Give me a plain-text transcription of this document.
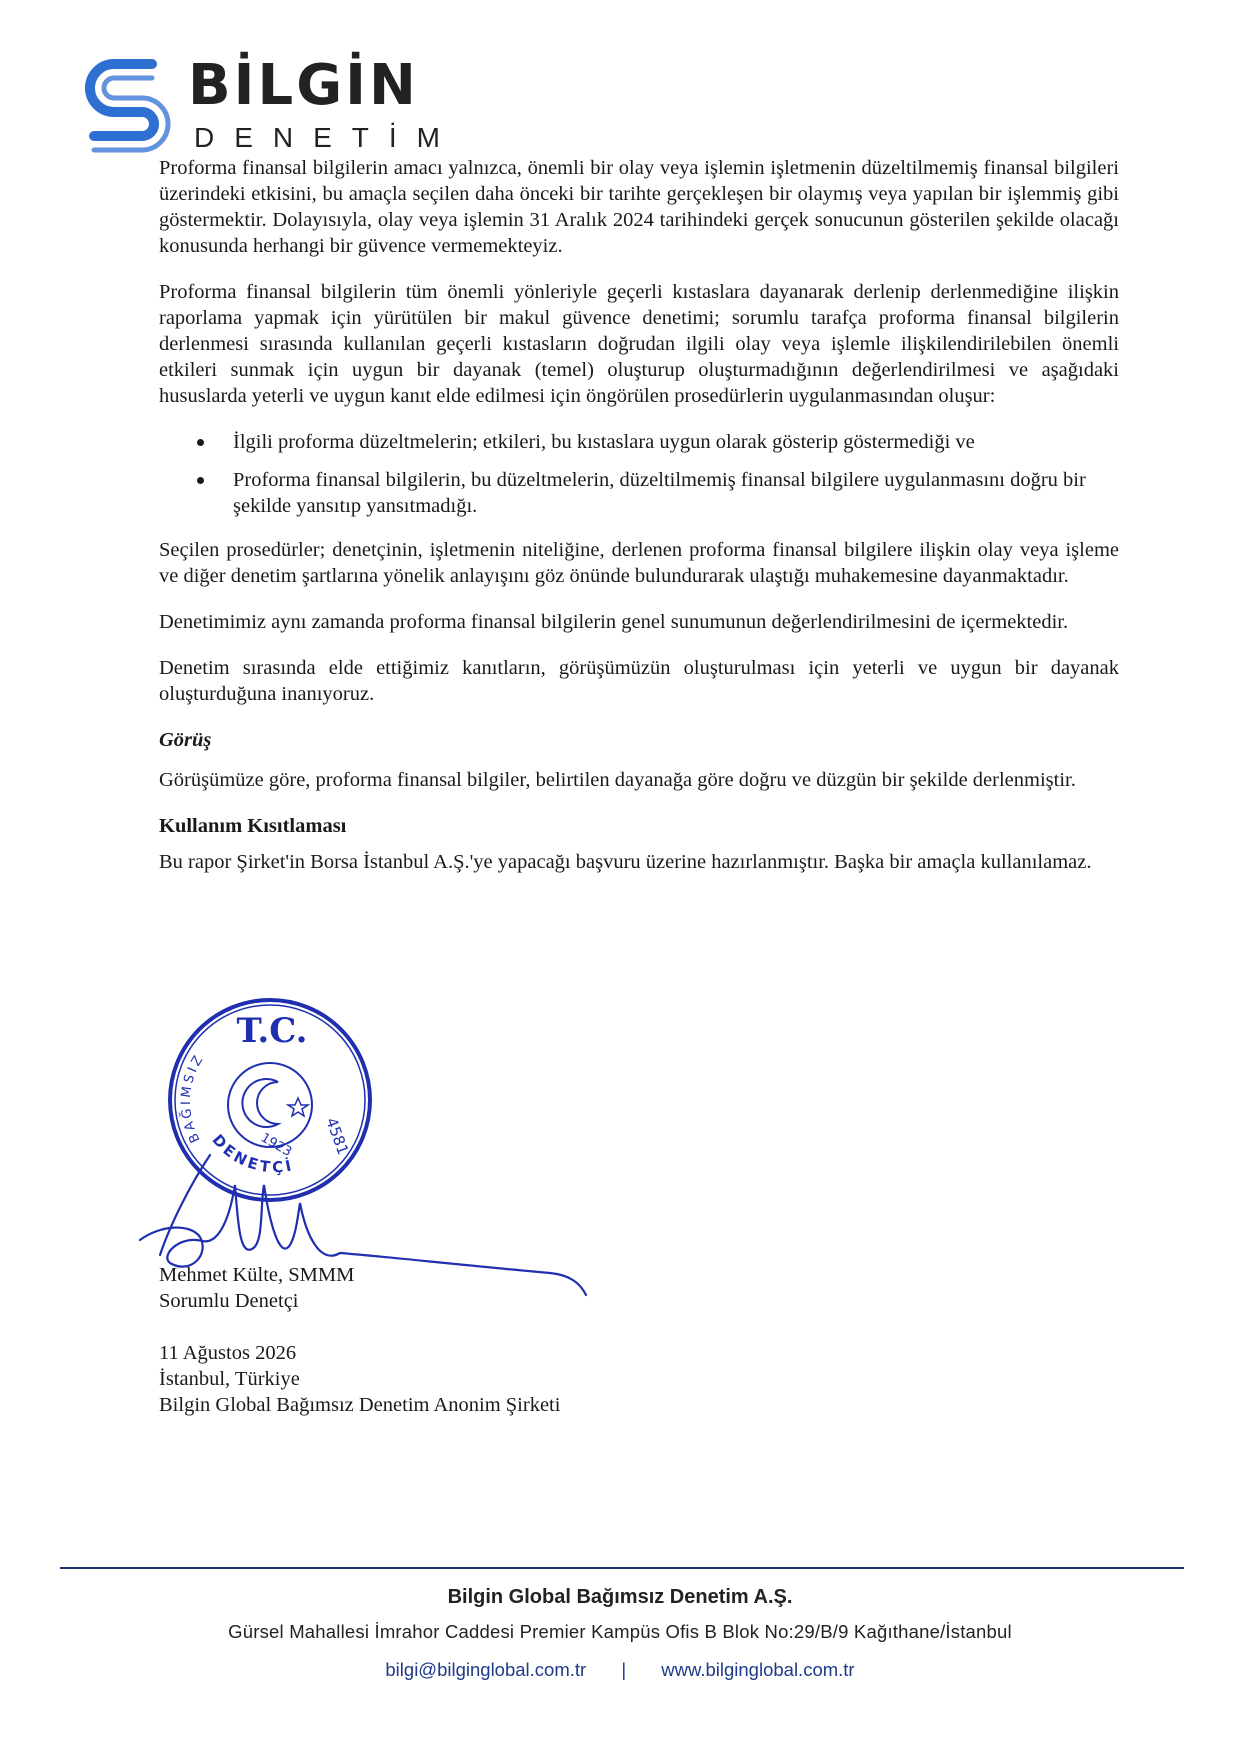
BİLGİN
DENETİM

Proforma finansal bilgilerin amacı yalnızca, önemli bir olay veya işlemin işletmenin düzeltilmemiş finansal bilgileri üzerindeki etkisini, bu amaçla seçilen daha önceki bir tarihte gerçekleşen bir olaymış veya yapılan bir işlemmiş gibi göstermektir. Dolayısıyla, olay veya işlemin 31 Aralık 2024 tarihindeki gerçek sonucunun gösterilen şekilde olacağı konusunda herhangi bir güvence vermemekteyiz.

Proforma finansal bilgilerin tüm önemli yönleriyle geçerli kıstaslara dayanarak derlenip derlenmediğine ilişkin raporlama yapmak için yürütülen bir makul güvence denetimi; sorumlu tarafça proforma finansal bilgilerin derlenmesi sırasında kullanılan geçerli kıstasların doğrudan ilgili olay veya işlemle ilişkilendirilebilen önemli etkileri sunmak için uygun bir dayanak (temel) oluşturup oluşturmadığının değerlendirilmesi ve aşağıdaki hususlarda yeterli ve uygun kanıt elde edilmesi için öngörülen prosedürlerin uygulanmasından oluşur:

İlgili proforma düzeltmelerin; etkileri, bu kıstaslara uygun olarak gösterip göstermediği ve
Proforma finansal bilgilerin, bu düzeltmelerin, düzeltilmemiş finansal bilgilere uygulanmasını doğru bir şekilde yansıtıp yansıtmadığı.

Seçilen prosedürler; denetçinin, işletmenin niteliğine, derlenen proforma finansal bilgilere ilişkin olay veya işleme ve diğer denetim şartlarına yönelik anlayışını göz önünde bulundurarak ulaştığı muhakemesine dayanmaktadır.

Denetimimiz aynı zamanda proforma finansal bilgilerin genel sunumunun değerlendirilmesini de içermektedir.

Denetim sırasında elde ettiğimiz kanıtların, görüşümüzün oluşturulması için yeterli ve uygun bir dayanak oluşturduğuna inanıyoruz.

Görüş

Görüşümüze göre, proforma finansal bilgiler, belirtilen dayanağa göre doğru ve düzgün bir şekilde derlenmiştir.

Kullanım Kısıtlaması

Bu rapor Şirket'in Borsa İstanbul A.Ş.'ye yapacağı başvuru üzerine hazırlanmıştır. Başka bir amaçla kullanılamaz.

T.C.
BAĞIMSIZ
DENETÇİ
1923 4581
Mehmet Külte, SMMM
Sorumlu Denetçi
11 Ağustos 2026
İstanbul, Türkiye
Bilgin Global Bağımsız Denetim Anonim Şirketi
Bilgin Global Bağımsız Denetim A.Ş.
Gürsel Mahallesi İmrahor Caddesi Premier Kampüs Ofis B Blok No:29/B/9 Kağıthane/İstanbul
bilgi@bilginglobal.com.tr | www.bilginglobal.com.tr
